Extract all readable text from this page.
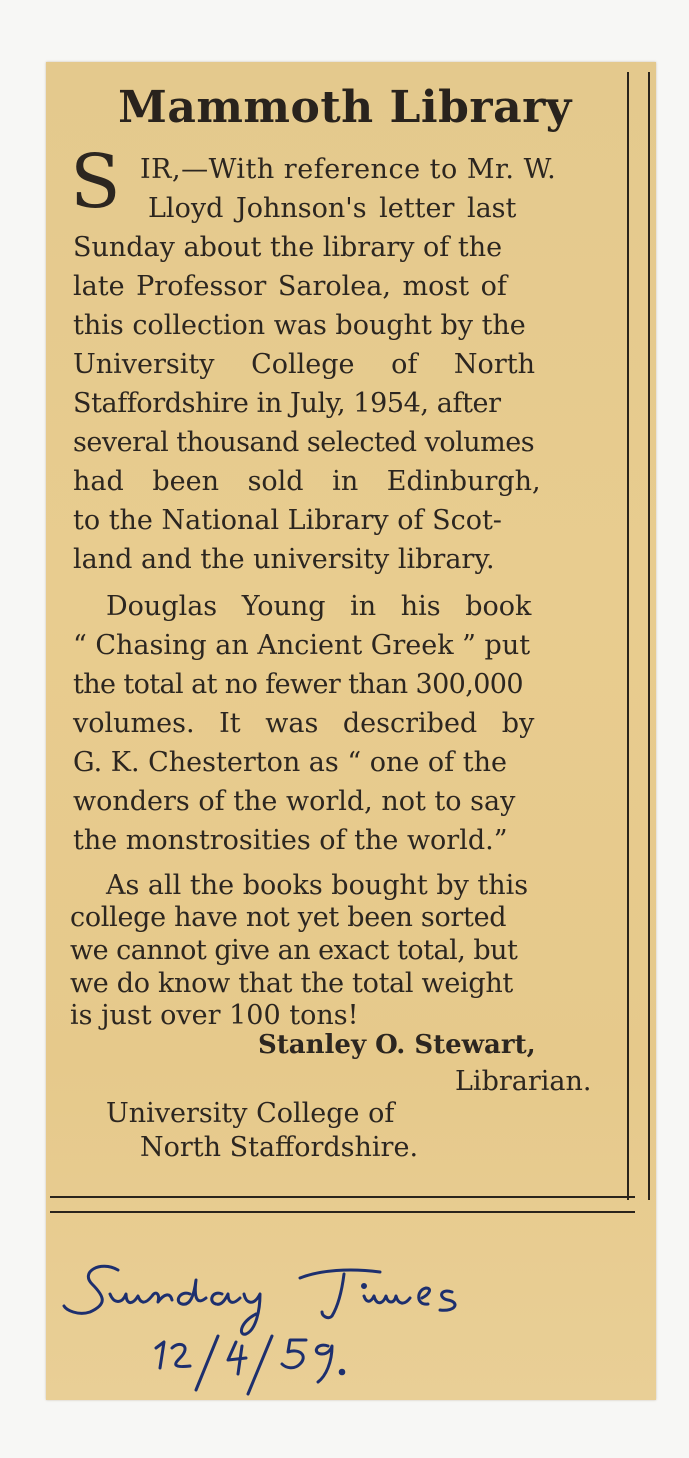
Mammoth Library
S IR,—With reference to Mr. W.

Lloyd Johnson's letter last

Sunday about the library of the

late Professor Sarolea, most of

this collection was bought by the

University College of North

Staffordshire in July, 1954, after

several thousand selected volumes

had been sold in Edinburgh,

to the National Library of Scot-

land and the university library.

Douglas Young in his book

“ Chasing an Ancient Greek ” put

the total at no fewer than 300,000

volumes. It was described by

G. K. Chesterton as “ one of the

wonders of the world, not to say

the monstrosities of the world.”

As all the books bought by this

college have not yet been sorted

we cannot give an exact total, but

we do know that the total weight

is just over 100 tons!

Stanley O. Stewart,

Librarian.

University College of

North Staffordshire.
